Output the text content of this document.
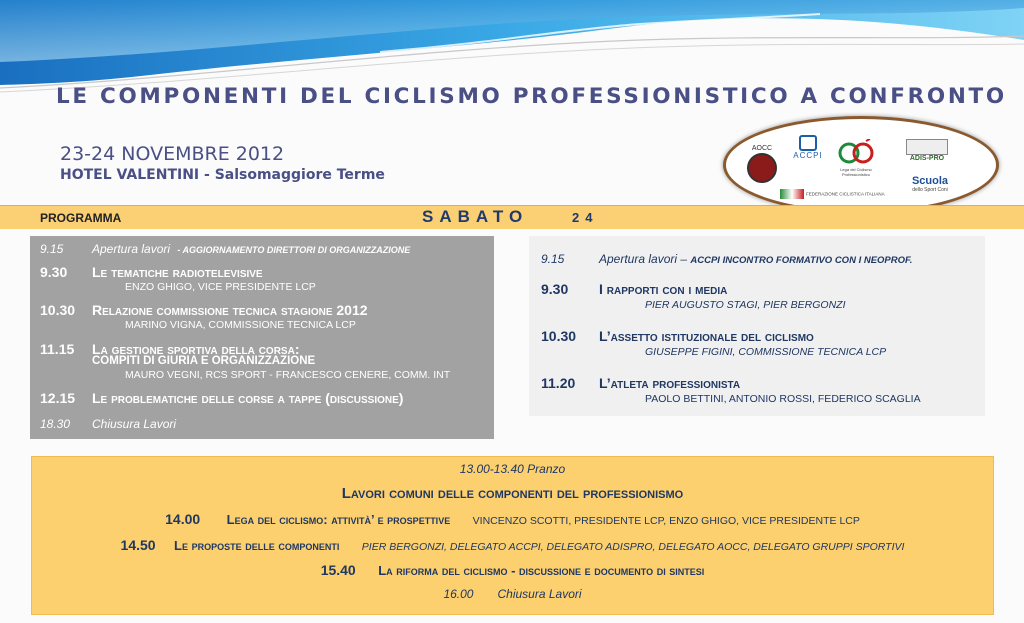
LE COMPONENTI DEL CICLISMO PROFESSIONISTICO A CONFRONTO
23-24 NOVEMBRE 2012
HOTEL VALENTINI - Salsomaggiore Terme
AOCC
ACCPI
Lega del Ciclismo Professionistico
ADIS-PRO
Scuola
dello Sport Coni
FEDERAZIONE CICLISTICA ITALIANA
PROGRAMMA	SABATO	24
9.15 Apertura lavori - AGGIORNAMENTO DIRETTORI DI ORGANIZZAZIONE
9.30 Le tematiche radiotelevisive
ENZO GHIGO, VICE PRESIDENTE LCP
10.30 Relazione commissione tecnica stagione 2012
MARINO VIGNA, COMMISSIONE TECNICA LCP
11.15 La gestione sportiva della corsa:
COMPITI DI GIURIA E ORGANIZZAZIONE
MAURO VEGNI, RCS SPORT - FRANCESCO CENERE, COMM. INT
12.15 Le problematiche delle corse a tappe (discussione)
18.30 Chiusura Lavori
9.15	Apertura lavori – ACCPI INCONTRO FORMATIVO CON I NEOPROF.
9.30 I rapporti con i media
PIER AUGUSTO STAGI, PIER BERGONZI
10.30 L’assetto istituzionale del ciclismo
GIUSEPPE FIGINI, COMMISSIONE TECNICA LCP
11.20 L’atleta professionista
PAOLO BETTINI, ANTONIO ROSSI, FEDERICO SCAGLIA
13.00-13.40 Pranzo
Lavori comuni delle componenti del professionismo
14.00 Lega del ciclismo: attività’ e prospettive VINCENZO SCOTTI, PRESIDENTE LCP, ENZO GHIGO, VICE PRESIDENTE LCP
14.50 Le proposte delle componenti PIER BERGONZI, DELEGATO ACCPI, DELEGATO ADISPRO, DELEGATO AOCC, DELEGATO GRUPPI SPORTIVI
15.40 La riforma del ciclismo - discussione e documento di sintesi
16.00 Chiusura Lavori
